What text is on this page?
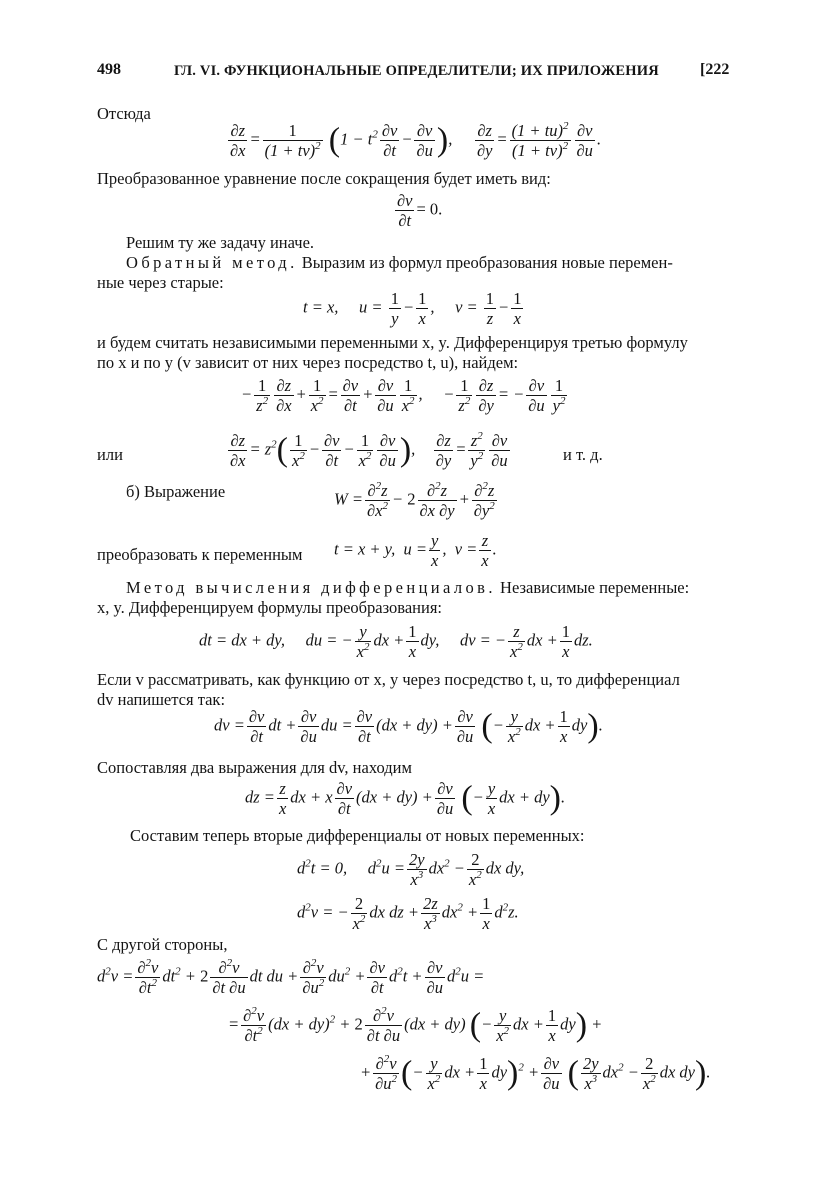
498	ГЛ. VI. ФУНКЦИОНАЛЬНЫЕ ОПРЕДЕЛИТЕЛИ; ИХ ПРИЛОЖЕНИЯ	[222
Отсюда
$\frac{\partial z}{\partial x} = \frac{1}{(1 + tv)^2} (1 - t^2 \frac{\partial v}{\partial t} - \frac{\partial v}{\partial u}$ ), $\frac{\partial z}{\partial y} = \frac{(1 + tu)^2}{(1 + tv)^2} \frac{\partial v}{\partial u}$ .
Преобразованное уравнение после сокращения будет иметь вид:
$\frac{\partial v}{\partial t} = 0$.
Решим ту же задачу иначе.
Обратный метод. Выразим из формул преобразования новые перемен-
ные через старые:
t = x,     $u = \frac{1}{y} - \frac{1}{x}$ ,     $v = \frac{1}{z} - \frac{1}{x}$
и будем считать независимыми переменными x, y. Дифференцируя третью формулу
по x и по y (v зависит от них через посредство t, u), найдем:
− $\frac{1}{z^2} \frac{\partial z}{\partial x} + \frac{1}{x^2} = \frac{\partial v}{\partial t} + \frac{\partial v}{\partial u} \frac{1}{x^2}$ ,     − $\frac{1}{z^2} \frac{\partial z}{\partial y}$ = − $\frac{\partial v}{\partial u} \frac{1}{y^2}$
или	$\frac{\partial z}{\partial x} = z^2( \frac{1}{x^2} - \frac{\partial v}{\partial t} - \frac{1}{x^2} \frac{\partial v}{\partial u}$ ), $\frac{\partial z}{\partial y} = \frac{z^2}{y^2} \frac{\partial v}{\partial u}$	и т. д.
б) Выражение	$W = \frac{\partial^2z}{\partial x^2} - 2 \frac{\partial^2z}{\partial x \partial y} + \frac{\partial^2z}{\partial y^2}$
преобразовать к переменным t = x + y,  $u = \frac{y}{x}$ ,  $v = \frac{z}{x}$ .
Метод вычисления дифференциалов. Независимые переменные:
x, y. Дифференцируем формулы преобразования:
dt = dx + dy,     du = − $\frac{y}{x^2}$ dx + $\frac{1}{x}$ dy,     dv = − $\frac{z}{x^2}$ dx + $\frac{1}{x}$ dz.
Если v рассматривать, как функцию от x, y через посредство t, u, то дифференциал
dv напишется так:
dv = $\frac{\partial v}{\partial t}$ dt + $\frac{\partial v}{\partial u}$ du = $\frac{\partial v}{\partial t} (dx + dy) + \frac{\partial v}{\partial u}$ (− $\frac{y}{x^2}$ dx + $\frac{1}{x} dy$).
Сопоставляя два выражения для dv, находим
dz = $\frac{z}{x}$ dx + x $\frac{\partial v}{\partial t} (dx + dy) + \frac{\partial v}{\partial u}$ (− $\frac{y}{x}$ dx + dy).
Составим теперь вторые дифференциалы от новых переменных:
$d^2t = 0$,     $d^2u = \frac{2y}{x^3} dx^2 - \frac{2}{x^2}$ dx dy,
$d^2v$ = − $\frac{2}{x^2}$ dx dz + $\frac{2z}{x^3} dx^2 + \frac{1}{x} d^2z$.
С другой стороны,
$d^2v = \frac{\partial^2v}{\partial t^2} dt^2 + 2 \frac{\partial^2v}{\partial t \partial u}$ dt du + $\frac{\partial^2v}{\partial u^2} du^2 + \frac{\partial v}{\partial t} d^2t + \frac{\partial v}{\partial u} d^2u$ =
= $\frac{\partial^2v}{\partial t^2} (dx + dy)^2 + 2 \frac{\partial^2v}{\partial t \partial u} (dx + dy)$ (− $\frac{y}{x^2}$ dx + $\frac{1}{x} dy$) +
+ $\frac{\partial^2v}{\partial u^2}$ (− $\frac{y}{x^2}$ dx + $\frac{1}{x} dy)^2 + \frac{\partial v}{\partial u}$ ( $\frac{2y}{x^3} dx^2 - \frac{2}{x^2}$ dx dy).
